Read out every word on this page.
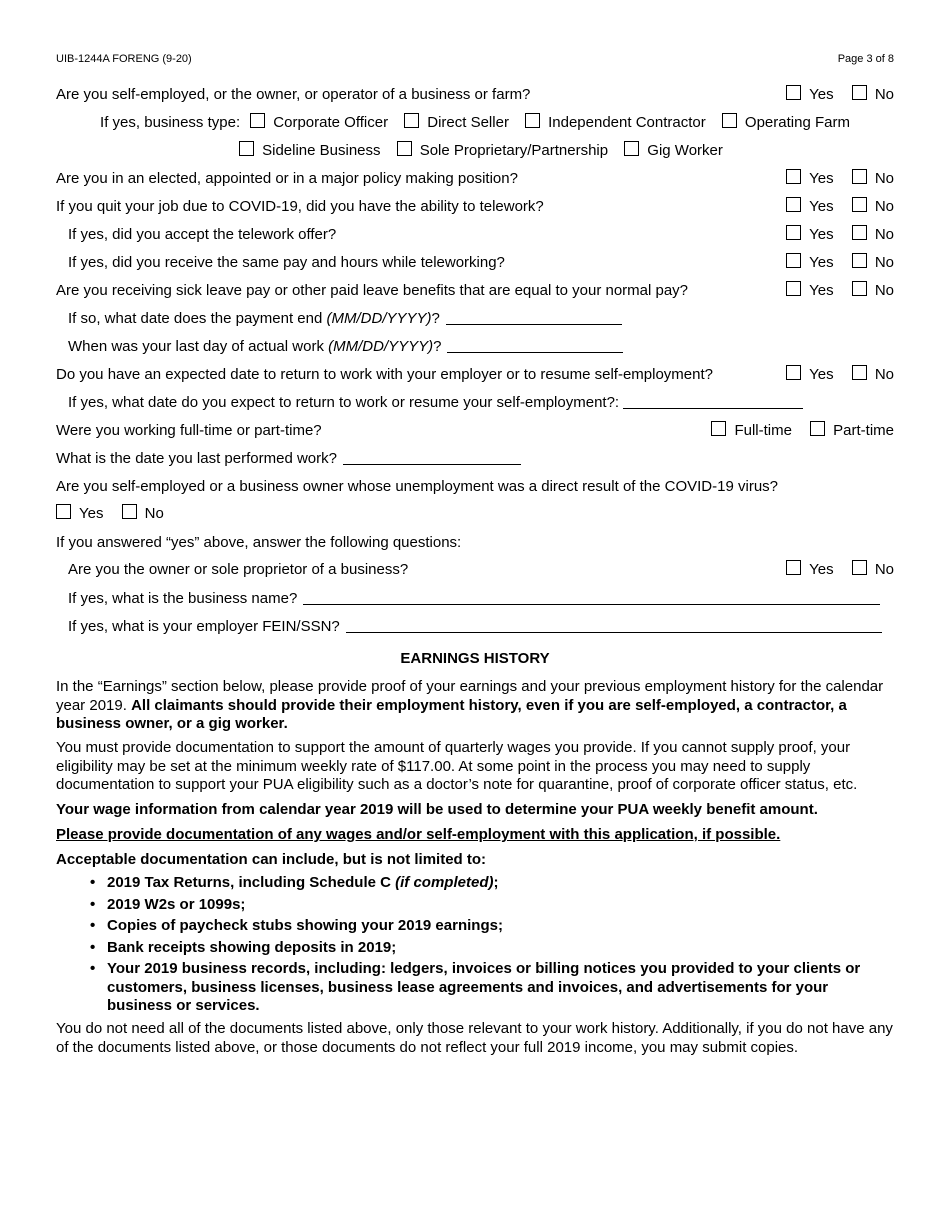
UIB-1244A FORENG (9-20)	Page 3 of 8
Are you self-employed, or the owner, or operator of a business or farm?	Yes	No
If yes, business type: Corporate Officer	Direct Seller	Independent Contractor	Operating Farm
Sideline Business	Sole Proprietary/Partnership	Gig Worker
Are you in an elected, appointed or in a major policy making position?	Yes	No
If you quit your job due to COVID-19, did you have the ability to telework?	Yes	No
If yes, did you accept the telework offer?	Yes	No
If yes, did you receive the same pay and hours while teleworking?	Yes	No
Are you receiving sick leave pay or other paid leave benefits that are equal to your normal pay?	Yes	No
If so, what date does the payment end (MM/DD/YYYY)?
When was your last day of actual work (MM/DD/YYYY)?
Do you have an expected date to return to work with your employer or to resume self-employment?	Yes	No
If yes, what date do you expect to return to work or resume your self-employment?:
Were you working full-time or part-time?	Full-time	Part-time
What is the date you last performed work?
Are you self-employed or a business owner whose unemployment was a direct result of the COVID-19 virus?
Yes	No
If you answered “yes” above, answer the following questions:
Are you the owner or sole proprietor of a business?	Yes	No
If yes, what is the business name?
If yes, what is your employer FEIN/SSN?
EARNINGS HISTORY
In the “Earnings” section below, please provide proof of your earnings and your previous employment history for the calendar year 2019. All claimants should provide their employment history, even if you are self-employed, a contractor, a business owner, or a gig worker.
You must provide documentation to support the amount of quarterly wages you provide. If you cannot supply proof, your eligibility may be set at the minimum weekly rate of $117.00. At some point in the process you may need to supply documentation to support your PUA eligibility such as a doctor’s note for quarantine, proof of corporate officer status, etc.
Your wage information from calendar year 2019 will be used to determine your PUA weekly benefit amount.
Please provide documentation of any wages and/or self-employment with this application, if possible.
Acceptable documentation can include, but is not limited to:
• 2019 Tax Returns, including Schedule C (if completed);
• 2019 W2s or 1099s;
• Copies of paycheck stubs showing your 2019 earnings;
• Bank receipts showing deposits in 2019;
• Your 2019 business records, including: ledgers, invoices or billing notices you provided to your clients or customers, business licenses, business lease agreements and invoices, and advertisements for your business or services.
You do not need all of the documents listed above, only those relevant to your work history. Additionally, if you do not have any of the documents listed above, or those documents do not reflect your full 2019 income, you may submit copies.
